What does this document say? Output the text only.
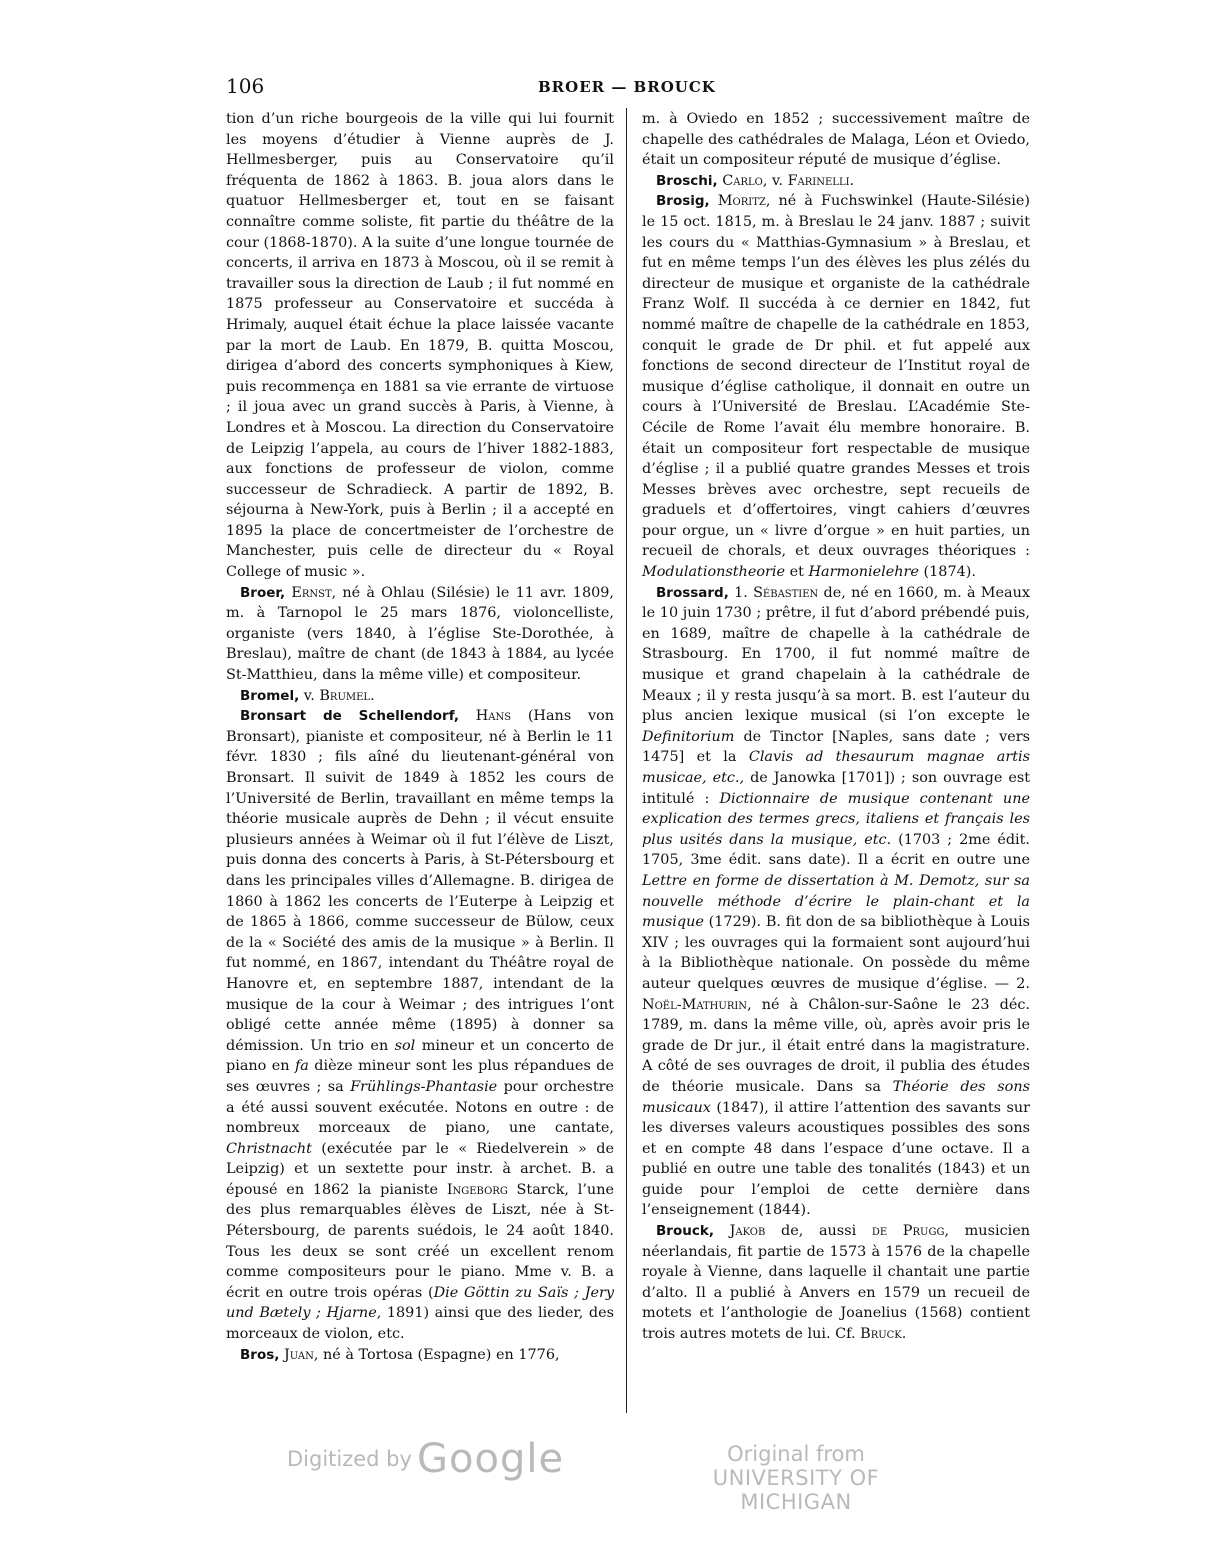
106	BROER — BROUCK

tion d’un riche bourgeois de la ville qui lui fournit les moyens d’étudier à Vienne auprès de J. Hellmesberger, puis au Conservatoire qu’il fréquenta de 1862 à 1863. B. joua alors dans le quatuor Hellmesberger et, tout en se faisant connaître comme soliste, fit partie du théâtre de la cour (1868-1870). A la suite d’une longue tournée de concerts, il arriva en 1873 à Moscou, où il se remit à travailler sous la direction de Laub ; il fut nommé en 1875 professeur au Conservatoire et succéda à Hrimaly, auquel était échue la place laissée vacante par la mort de Laub. En 1879, B. quitta Moscou, dirigea d’abord des concerts symphoniques à Kiew, puis recommença en 1881 sa vie errante de virtuose ; il joua avec un grand succès à Paris, à Vienne, à Londres et à Moscou. La direction du Conservatoire de Leipzig l’appela, au cours de l’hiver 1882-1883, aux fonctions de professeur de violon, comme successeur de Schradieck. A partir de 1892, B. séjourna à New-York, puis à Berlin ; il a accepté en 1895 la place de concertmeister de l’orchestre de Manchester, puis celle de directeur du « Royal College of music ».

Broer, Ernst, né à Ohlau (Silésie) le 11 avr. 1809, m. à Tarnopol le 25 mars 1876, violoncelliste, organiste (vers 1840, à l’église Ste-Dorothée, à Breslau), maître de chant (de 1843 à 1884, au lycée St-Matthieu, dans la même ville) et compositeur.

Bromel, v. Brumel.

Bronsart de Schellendorf, Hans (Hans von Bronsart), pianiste et compositeur, né à Berlin le 11 févr. 1830 ; fils aîné du lieutenant-général von Bronsart. Il suivit de 1849 à 1852 les cours de l’Université de Berlin, travaillant en même temps la théorie musicale auprès de Dehn ; il vécut ensuite plusieurs années à Weimar où il fut l’élève de Liszt, puis donna des concerts à Paris, à St-Pétersbourg et dans les principales villes d’Allemagne. B. dirigea de 1860 à 1862 les concerts de l’Euterpe à Leipzig et de 1865 à 1866, comme successeur de Bülow, ceux de la « Société des amis de la musique » à Berlin. Il fut nommé, en 1867, intendant du Théâtre royal de Hanovre et, en septembre 1887, intendant de la musique de la cour à Weimar ; des intrigues l’ont obligé cette année même (1895) à donner sa démission. Un trio en sol mineur et un concerto de piano en fa dièze mineur sont les plus répandues de ses œuvres ; sa Frühlings-Phantasie pour orchestre a été aussi souvent exécutée. Notons en outre : de nombreux morceaux de piano, une cantate, Christnacht (exécutée par le « Riedelverein » de Leipzig) et un sextette pour instr. à archet. B. a épousé en 1862 la pianiste Ingeborg Starck, l’une des plus remarquables élèves de Liszt, née à St-Pétersbourg, de parents suédois, le 24 août 1840. Tous les deux se sont créé un excellent renom comme compositeurs pour le piano. Mme v. B. a écrit en outre trois opéras (Die Göttin zu Saïs ; Jery und Bætely ; Hjarne, 1891) ainsi que des lieder, des morceaux de violon, etc.

Bros, Juan, né à Tortosa (Espagne) en 1776,

m. à Oviedo en 1852 ; successivement maître de chapelle des cathédrales de Malaga, Léon et Oviedo, était un compositeur réputé de musique d’église.

Broschi, Carlo, v. Farinelli.

Brosig, Moritz, né à Fuchswinkel (Haute-Silésie) le 15 oct. 1815, m. à Breslau le 24 janv. 1887 ; suivit les cours du « Matthias-Gymnasium » à Breslau, et fut en même temps l’un des élèves les plus zélés du directeur de musique et organiste de la cathédrale Franz Wolf. Il succéda à ce dernier en 1842, fut nommé maître de chapelle de la cathédrale en 1853, conquit le grade de Dr phil. et fut appelé aux fonctions de second directeur de l’Institut royal de musique d’église catholique, il donnait en outre un cours à l’Université de Breslau. L’Académie Ste-Cécile de Rome l’avait élu membre honoraire. B. était un compositeur fort respectable de musique d’église ; il a publié quatre grandes Messes et trois Messes brèves avec orchestre, sept recueils de graduels et d’offertoires, vingt cahiers d’œuvres pour orgue, un « livre d’orgue » en huit parties, un recueil de chorals, et deux ouvrages théoriques : Modulationstheorie et Harmonielehre (1874).

Brossard, 1. Sébastien de, né en 1660, m. à Meaux le 10 juin 1730 ; prêtre, il fut d’abord prébendé puis, en 1689, maître de chapelle à la cathédrale de Strasbourg. En 1700, il fut nommé maître de musique et grand chapelain à la cathédrale de Meaux ; il y resta jusqu’à sa mort. B. est l’auteur du plus ancien lexique musical (si l’on excepte le Definitorium de Tinctor [Naples, sans date ; vers 1475] et la Clavis ad thesaurum magnae artis musicae, etc., de Janowka [1701]) ; son ouvrage est intitulé : Dictionnaire de musique contenant une explication des termes grecs, italiens et français les plus usités dans la musique, etc. (1703 ; 2me édit. 1705, 3me édit. sans date). Il a écrit en outre une Lettre en forme de dissertation à M. Demotz, sur sa nouvelle méthode d’écrire le plain-chant et la musique (1729). B. fit don de sa bibliothèque à Louis XIV ; les ouvrages qui la formaient sont aujourd’hui à la Bibliothèque nationale. On possède du même auteur quelques œuvres de musique d’église. — 2. Noël-Mathurin, né à Châlon-sur-Saône le 23 déc. 1789, m. dans la même ville, où, après avoir pris le grade de Dr jur., il était entré dans la magistrature. A côté de ses ouvrages de droit, il publia des études de théorie musicale. Dans sa Théorie des sons musicaux (1847), il attire l’attention des savants sur les diverses valeurs acoustiques possibles des sons et en compte 48 dans l’espace d’une octave. Il a publié en outre une table des tonalités (1843) et un guide pour l’emploi de cette dernière dans l’enseignement (1844).

Brouck, Jakob de, aussi de Prugg, musicien néerlandais, fit partie de 1573 à 1576 de la chapelle royale à Vienne, dans laquelle il chantait une partie d’alto. Il a publié à Anvers en 1579 un recueil de motets et l’anthologie de Joanelius (1568) contient trois autres motets de lui. Cf. Bruck.

Digitized by Google	Original from
UNIVERSITY OF MICHIGAN
